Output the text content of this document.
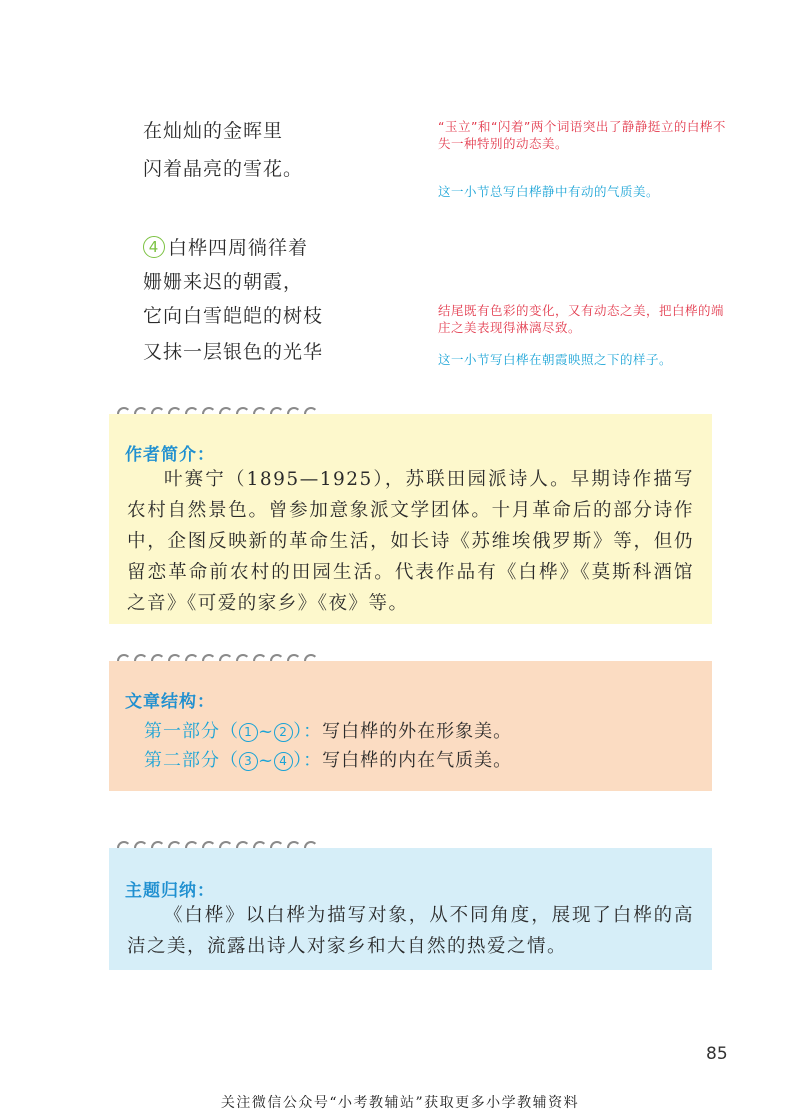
在灿灿的金晖里
闪着晶亮的雪花。
4 白桦四周徜徉着
姗姗来迟的朝霞，
它向白雪皑皑的树枝
又抹一层银色的光华
“玉立”和“闪着”两个词语突出了静静挺立的白桦不失一种特别的动态美。
这一小节总写白桦静中有动的气质美。
结尾既有色彩的变化，又有动态之美，把白桦的端庄之美表现得淋漓尽致。
这一小节写白桦在朝霞映照之下的样子。
作者简介：
叶赛宁（1895—1925），苏联田园派诗人。早期诗作描写农村自然景色。曾参加意象派文学团体。十月革命后的部分诗作中，企图反映新的革命生活，如长诗《苏维埃俄罗斯》等，但仍留恋革命前农村的田园生活。代表作品有《白桦》《莫斯科酒馆之音》《可爱的家乡》《夜》等。
文章结构：
第一部分（ 1 ~ 2 ）：写白桦的外在形象美。
第二部分（ 3 ~ 4 ）：写白桦的内在气质美。
主题归纳：
《白桦》以白桦为描写对象，从不同角度，展现了白桦的高洁之美，流露出诗人对家乡和大自然的热爱之情。
85
关注微信公众号“小考教辅站”获取更多小学教辅资料
